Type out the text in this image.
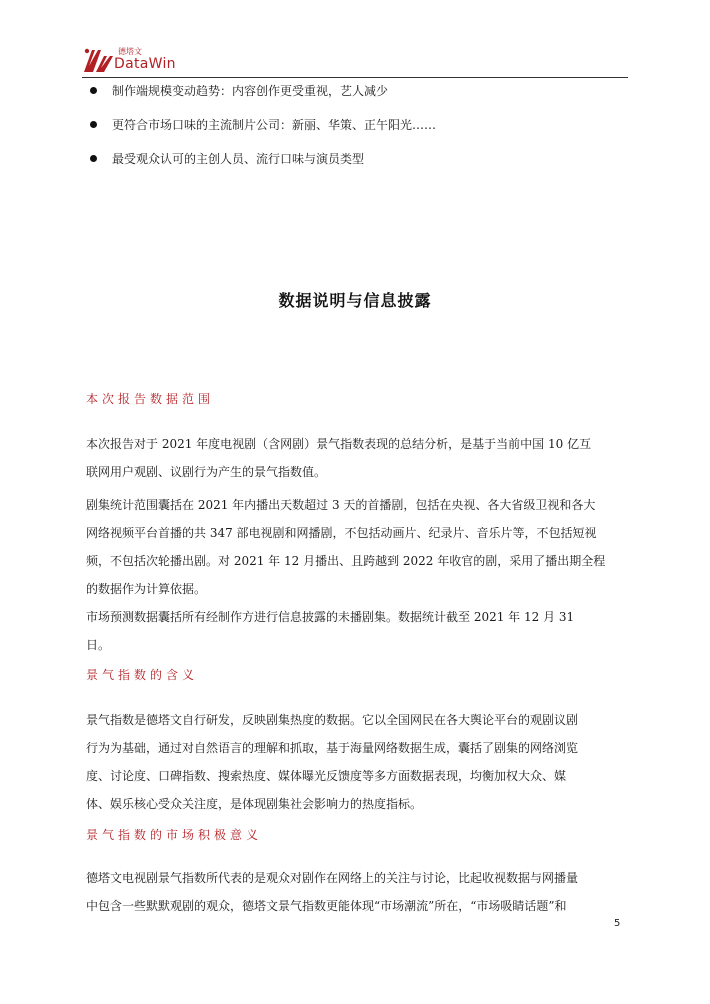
德塔文
DataWin
制作端规模变动趋势：内容创作更受重视，艺人减少
更符合市场口味的主流制片公司：新丽、华策、正午阳光……
最受观众认可的主创人员、流行口味与演员类型
数据说明与信息披露
本次报告数据范围
本次报告对于 2021 年度电视剧（含网剧）景气指数表现的总结分析，是基于当前中国 10 亿互
联网用户观剧、议剧行为产生的景气指数值。
剧集统计范围囊括在 2021 年内播出天数超过 3 天的首播剧，包括在央视、各大省级卫视和各大
网络视频平台首播的共 347 部电视剧和网播剧，不包括动画片、纪录片、音乐片等，不包括短视
频，不包括次轮播出剧。对 2021 年 12 月播出、且跨越到 2022 年收官的剧，采用了播出期全程
的数据作为计算依据。
市场预测数据囊括所有经制作方进行信息披露的未播剧集。数据统计截至 2021 年 12 月 31
日。
景气指数的含义
景气指数是德塔文自行研发，反映剧集热度的数据。它以全国网民在各大舆论平台的观剧议剧
行为为基础，通过对自然语言的理解和抓取，基于海量网络数据生成，囊括了剧集的网络浏览
度、讨论度、口碑指数、搜索热度、媒体曝光反馈度等多方面数据表现，均衡加权大众、媒
体、娱乐核心受众关注度，是体现剧集社会影响力的热度指标。
景气指数的市场积极意义
德塔文电视剧景气指数所代表的是观众对剧作在网络上的关注与讨论，比起收视数据与网播量
中包含一些默默观剧的观众，德塔文景气指数更能体现“市场潮流”所在，“市场吸睛话题”和
5
